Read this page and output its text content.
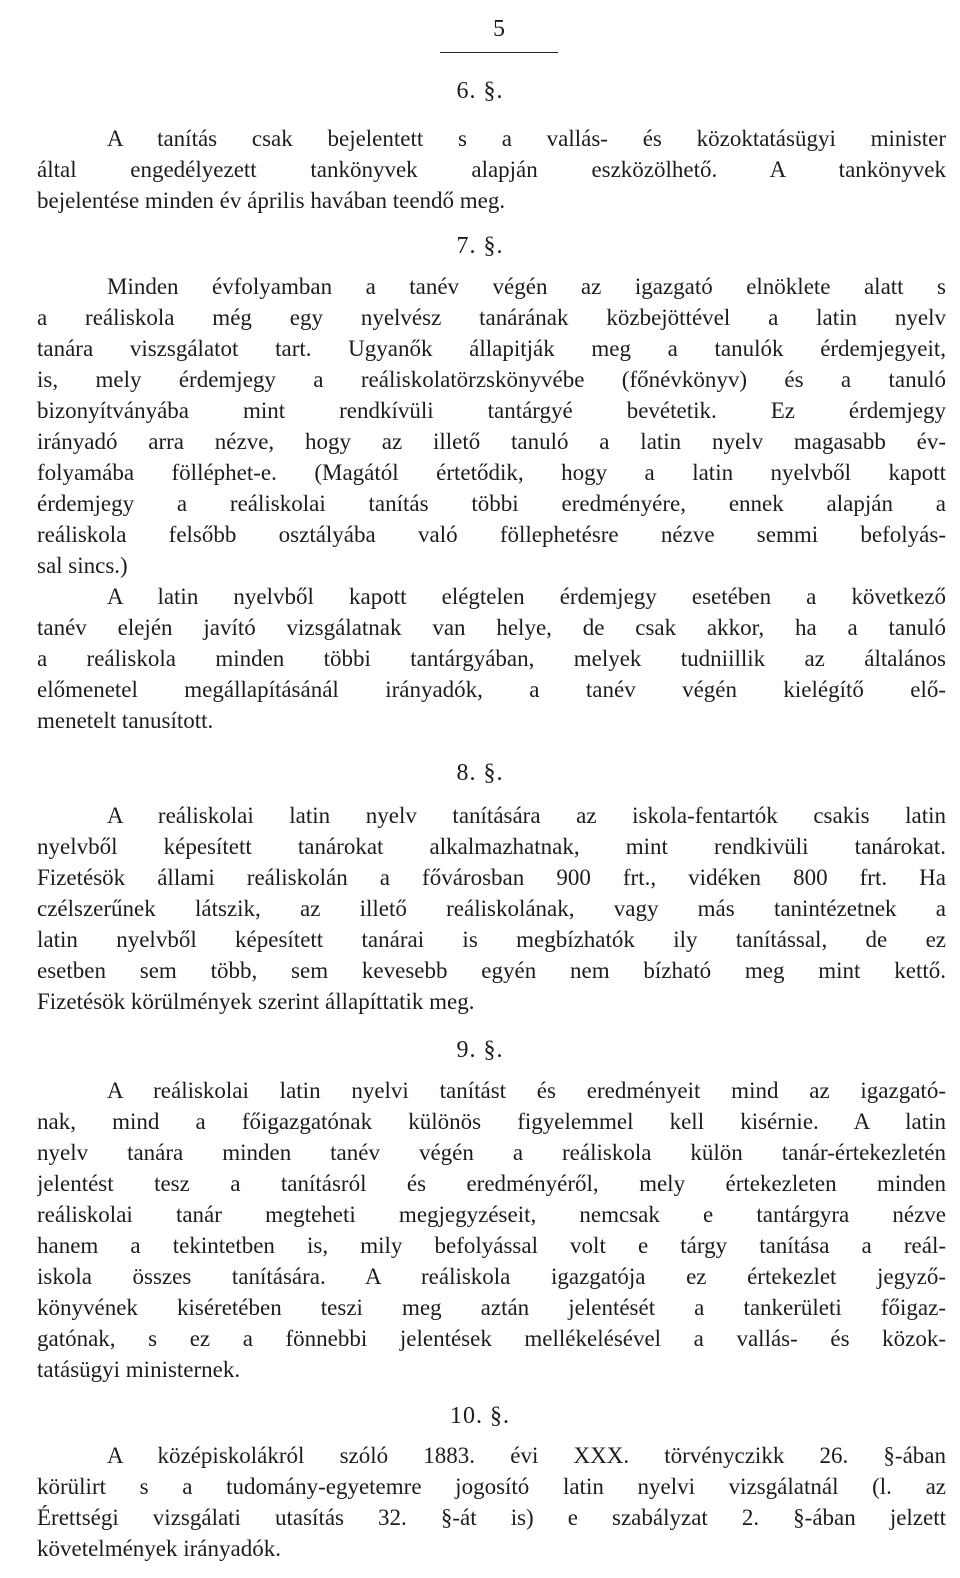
5
6. §.
A tanítás csak bejelentett s a vallás- és közoktatásügyi minister
által engedélyezett tankönyvek alapján eszközölhető. A tankönyvek
bejelentése minden év április havában teendő meg.
7. §.
Minden évfolyamban a tanév végén az igazgató elnöklete alatt s
a reáliskola még egy nyelvész tanárának közbejöttével a latin nyelv
tanára viszsgálatot tart. Ugyanők állapitják meg a tanulók érdemjegyeit,
is, mely érdemjegy a reáliskolatörzskönyvébe (főnévkönyv) és a tanuló
bizonyítványába mint rendkívüli tantárgyé bevétetik. Ez érdemjegy
irányadó arra nézve, hogy az illető tanuló a latin nyelv magasabb év-
folyamába fölléphet-e. (Magától értetődik, hogy a latin nyelvből kapott
érdemjegy a reáliskolai tanítás többi eredményére, ennek alapján a
reáliskola felsőbb osztályába való föllephetésre nézve semmi befolyás-
sal sincs.)
A latin nyelvből kapott elégtelen érdemjegy esetében a következő
tanév elején javító vizsgálatnak van helye, de csak akkor, ha a tanuló
a reáliskola minden többi tantárgyában, melyek tudniillik az általános
előmenetel megállapításánál irányadók, a tanév végén kielégítő elő-
menetelt tanusított.
8. §.
A reáliskolai latin nyelv tanítására az iskola-fentartók csakis latin
nyelvből képesített tanárokat alkalmazhatnak, mint rendkivüli tanárokat.
Fizetésök állami reáliskolán a fővárosban 900 frt., vidéken 800 frt. Ha
czélszerűnek látszik, az illető reáliskolának, vagy más tanintézetnek a
latin nyelvből képesített tanárai is megbízhatók ily tanítással, de ez
esetben sem több, sem kevesebb egyén nem bízható meg mint kettő.
Fizetésök körülmények szerint állapíttatik meg.
9. §.
A reáliskolai latin nyelvi tanítást és eredményeit mind az igazgató-
nak, mind a főigazgatónak különös figyelemmel kell kisérnie. A latin
nyelv tanára minden tanév végén a reáliskola külön tanár-értekezletén
jelentést tesz a tanításról és eredményéről, mely értekezleten minden
reáliskolai tanár megteheti megjegyzéseit, nemcsak e tantárgyra nézve
hanem a tekintetben is, mily befolyással volt e tárgy tanítása a reál-
iskola összes tanítására. A reáliskola igazgatója ez értekezlet jegyző-
könyvének kiséretében teszi meg aztán jelentését a tankerületi főigaz-
gatónak, s ez a fönnebbi jelentések mellékelésével a vallás- és közok-
tatásügyi ministernek.
10. §.
A középiskolákról szóló 1883. évi XXX. törvényczikk 26. §-ában
körülirt s a tudomány-egyetemre jogosító latin nyelvi vizsgálatnál (l. az
Érettségi vizsgálati utasítás 32. §-át is) e szabályzat 2. §-ában jelzett
követelmények irányadók.
